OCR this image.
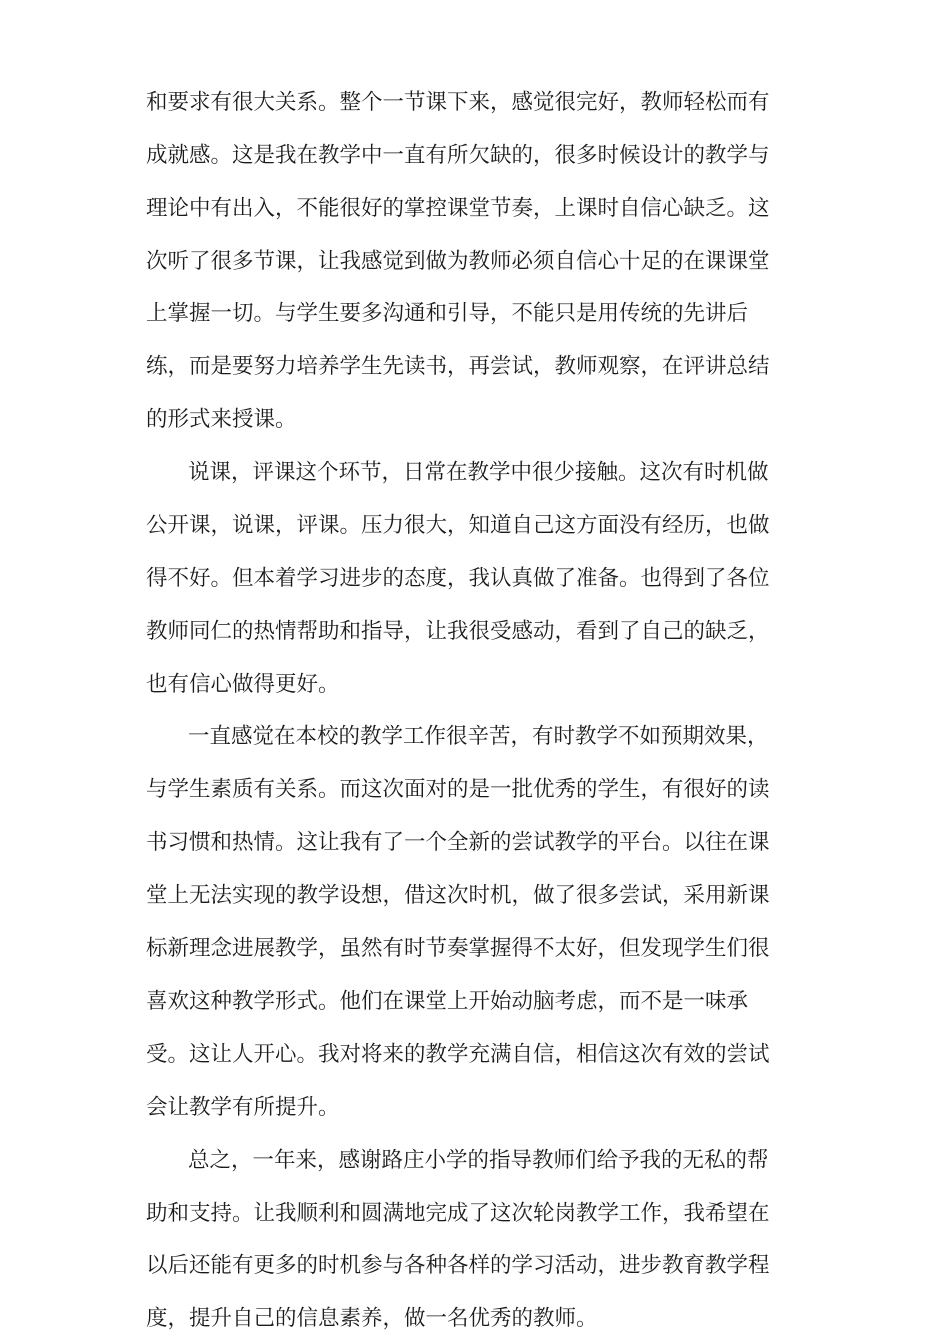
和要求有很大关系。整个一节课下来，感觉很完好，教师轻松而有
成就感。这是我在教学中一直有所欠缺的，很多时候设计的教学与
理论中有出入，不能很好的掌控课堂节奏，上课时自信心缺乏。这
次听了很多节课，让我感觉到做为教师必须自信心十足的在课课堂
上掌握一切。与学生要多沟通和引导，不能只是用传统的先讲后
练，而是要努力培养学生先读书，再尝试，教师观察，在评讲总结
的形式来授课。
说课，评课这个环节，日常在教学中很少接触。这次有时机做
公开课，说课，评课。压力很大，知道自己这方面没有经历，也做
得不好。但本着学习进步的态度，我认真做了准备。也得到了各位
教师同仁的热情帮助和指导，让我很受感动，看到了自己的缺乏，
也有信心做得更好。
一直感觉在本校的教学工作很辛苦，有时教学不如预期效果，
与学生素质有关系。而这次面对的是一批优秀的学生，有很好的读
书习惯和热情。这让我有了一个全新的尝试教学的平台。以往在课
堂上无法实现的教学设想，借这次时机，做了很多尝试，采用新课
标新理念进展教学，虽然有时节奏掌握得不太好，但发现学生们很
喜欢这种教学形式。他们在课堂上开始动脑考虑，而不是一味承
受。这让人开心。我对将来的教学充满自信，相信这次有效的尝试
会让教学有所提升。
总之，一年来，感谢路庄小学的指导教师们给予我的无私的帮
助和支持。让我顺利和圆满地完成了这次轮岗教学工作，我希望在
以后还能有更多的时机参与各种各样的学习活动，进步教育教学程
度，提升自己的信息素养，做一名优秀的教师。
